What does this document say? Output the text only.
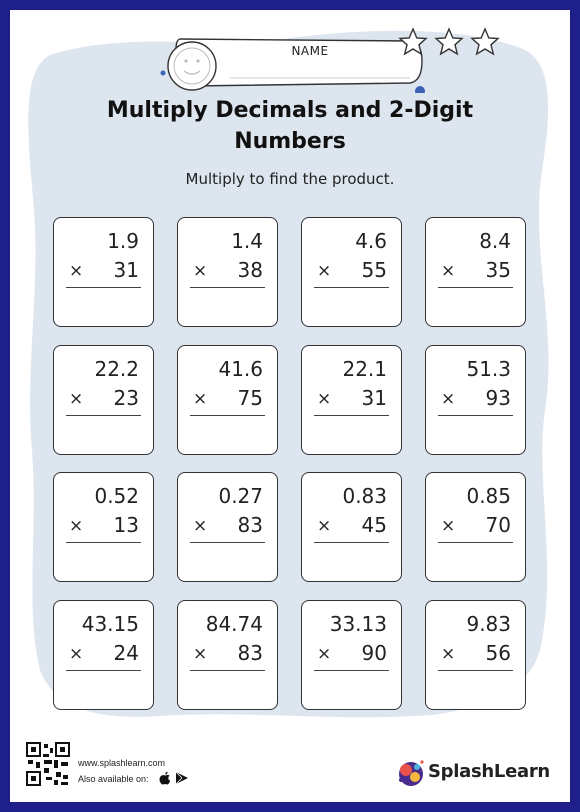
NAME
Multiply Decimals and 2-Digit Numbers
Multiply to find the product.
1.9
× 31
1.4
× 38
4.6
× 55
8.4
× 35
22.2
× 23
41.6
× 75
22.1
× 31
51.3
× 93
0.52
× 13
0.27
× 83
0.83
× 45
0.85
× 70
43.15
× 24
84.74
× 83
33.13
× 90
9.83
× 56
www.splashlearn.com
Also available on:	SplashLearn
